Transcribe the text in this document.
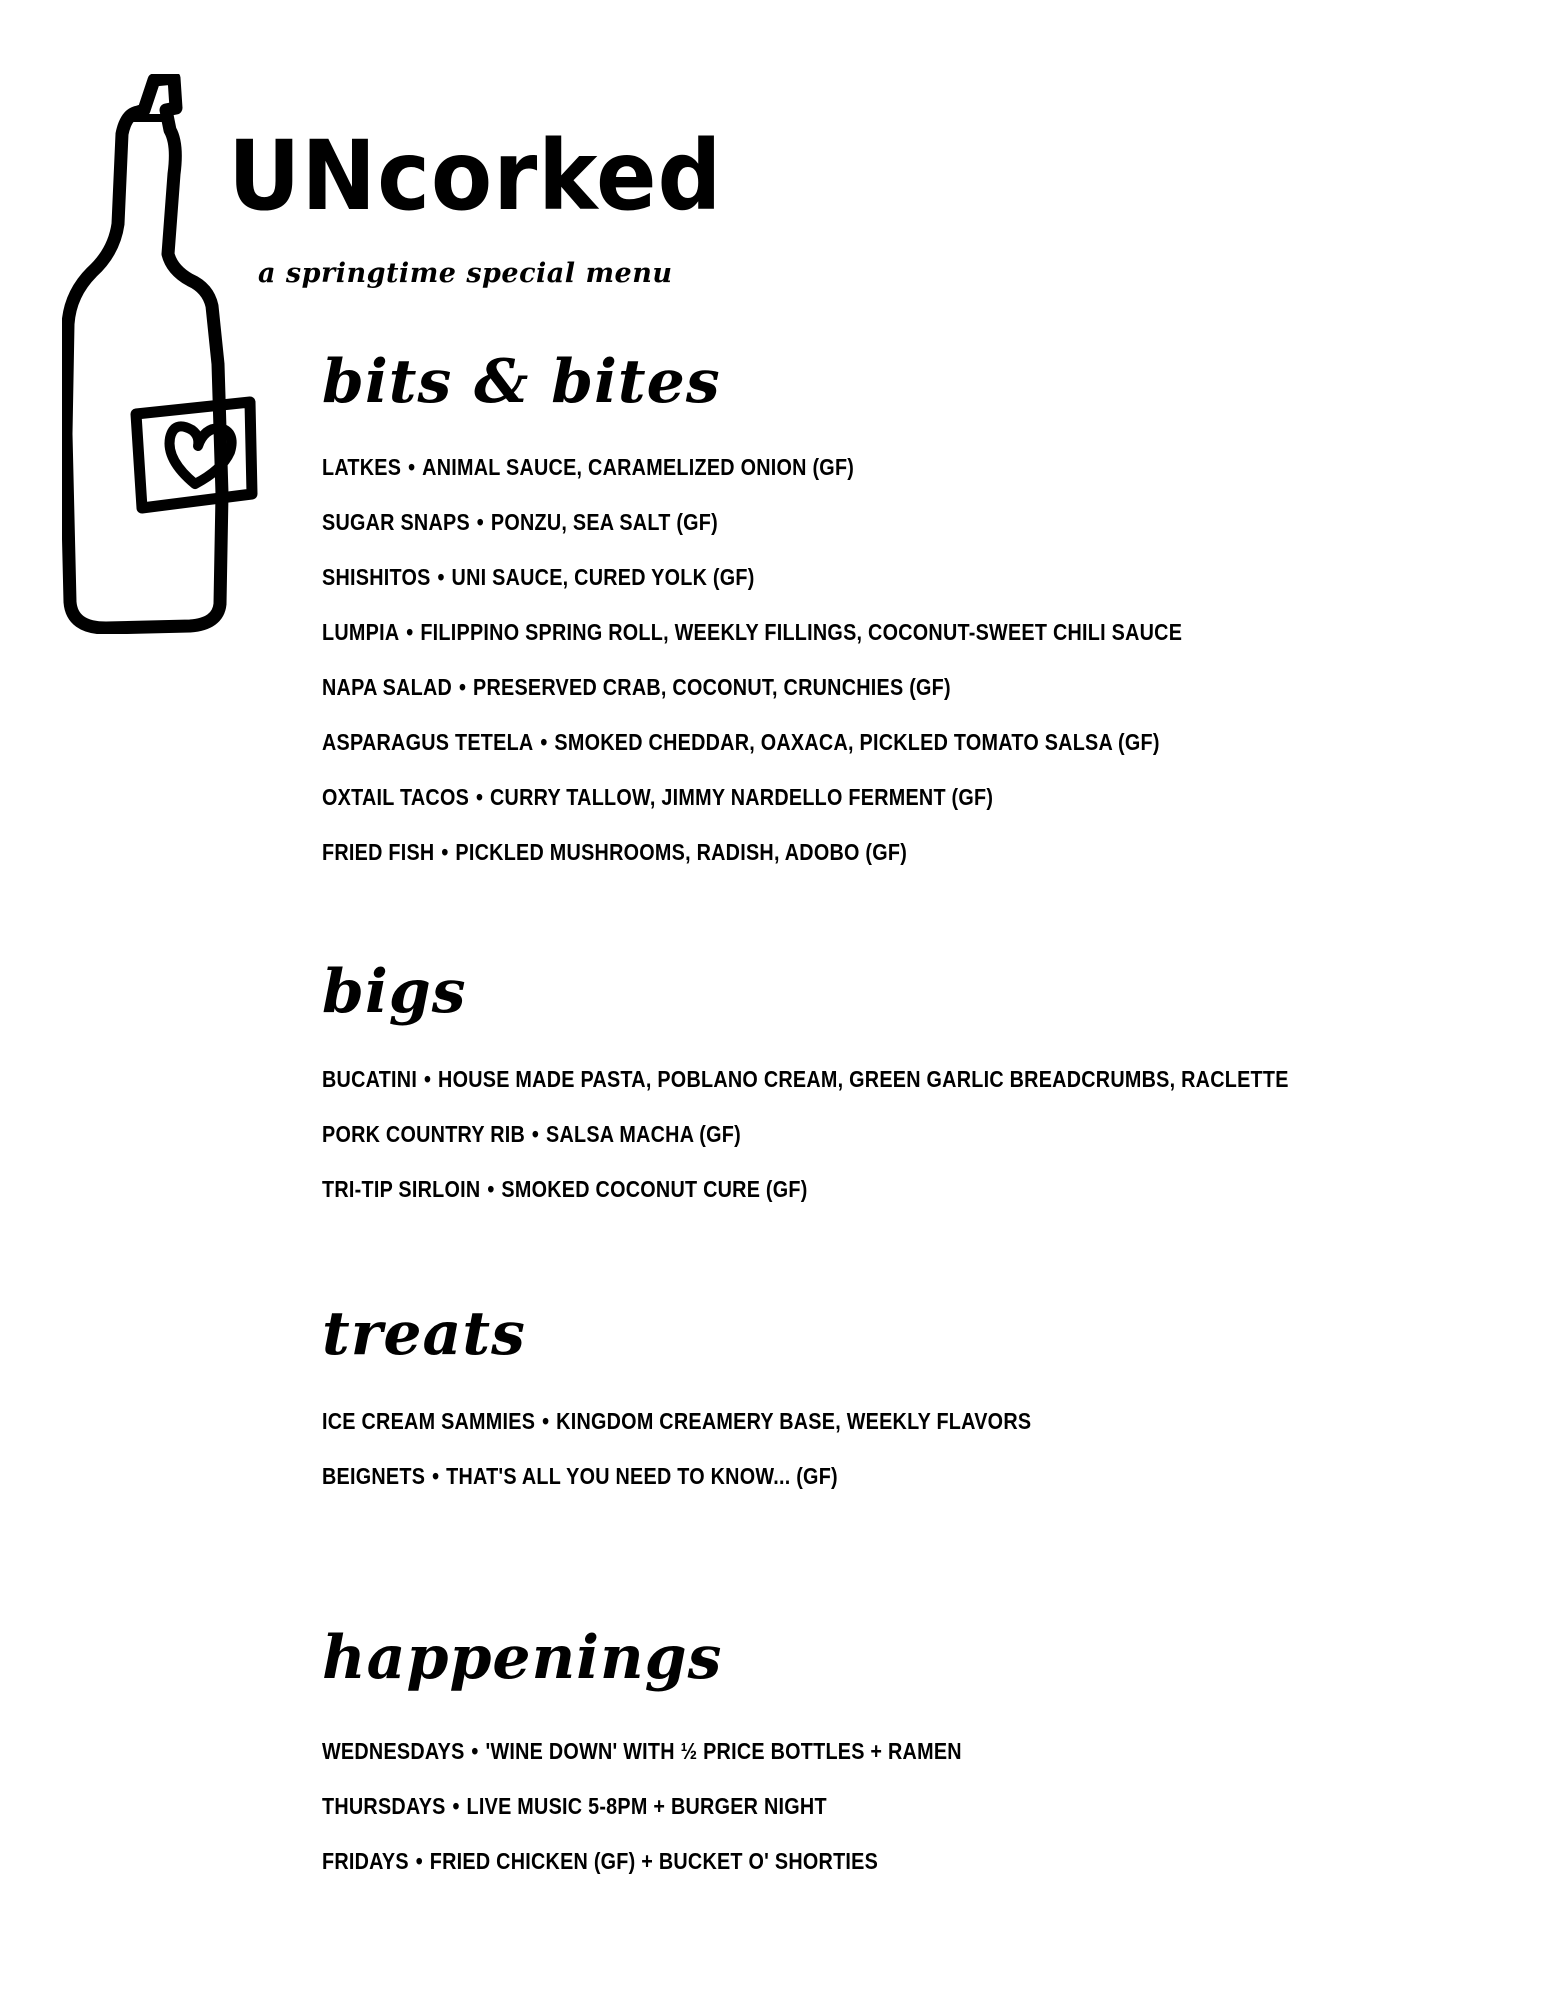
UNcorked

a springtime special menu

bits & bites
LATKES • ANIMAL SAUCE, CARAMELIZED ONION (GF)
SUGAR SNAPS • PONZU, SEA SALT (GF)
SHISHITOS • UNI SAUCE, CURED YOLK (GF)
LUMPIA • FILIPPINO SPRING ROLL, WEEKLY FILLINGS, COCONUT-SWEET CHILI SAUCE
NAPA SALAD • PRESERVED CRAB, COCONUT, CRUNCHIES (GF)
ASPARAGUS TETELA • SMOKED CHEDDAR, OAXACA, PICKLED TOMATO SALSA (GF)
OXTAIL TACOS • CURRY TALLOW, JIMMY NARDELLO FERMENT (GF)
FRIED FISH • PICKLED MUSHROOMS, RADISH, ADOBO (GF)
bigs
BUCATINI • HOUSE MADE PASTA, POBLANO CREAM, GREEN GARLIC BREADCRUMBS, RACLETTE
PORK COUNTRY RIB • SALSA MACHA (GF)
TRI-TIP SIRLOIN • SMOKED COCONUT CURE (GF)
treats
ICE CREAM SAMMIES • KINGDOM CREAMERY BASE, WEEKLY FLAVORS
BEIGNETS • THAT'S ALL YOU NEED TO KNOW... (GF)
happenings
WEDNESDAYS • 'WINE DOWN' WITH ½ PRICE BOTTLES + RAMEN
THURSDAYS • LIVE MUSIC 5-8PM + BURGER NIGHT
FRIDAYS • FRIED CHICKEN (GF) + BUCKET O' SHORTIES
